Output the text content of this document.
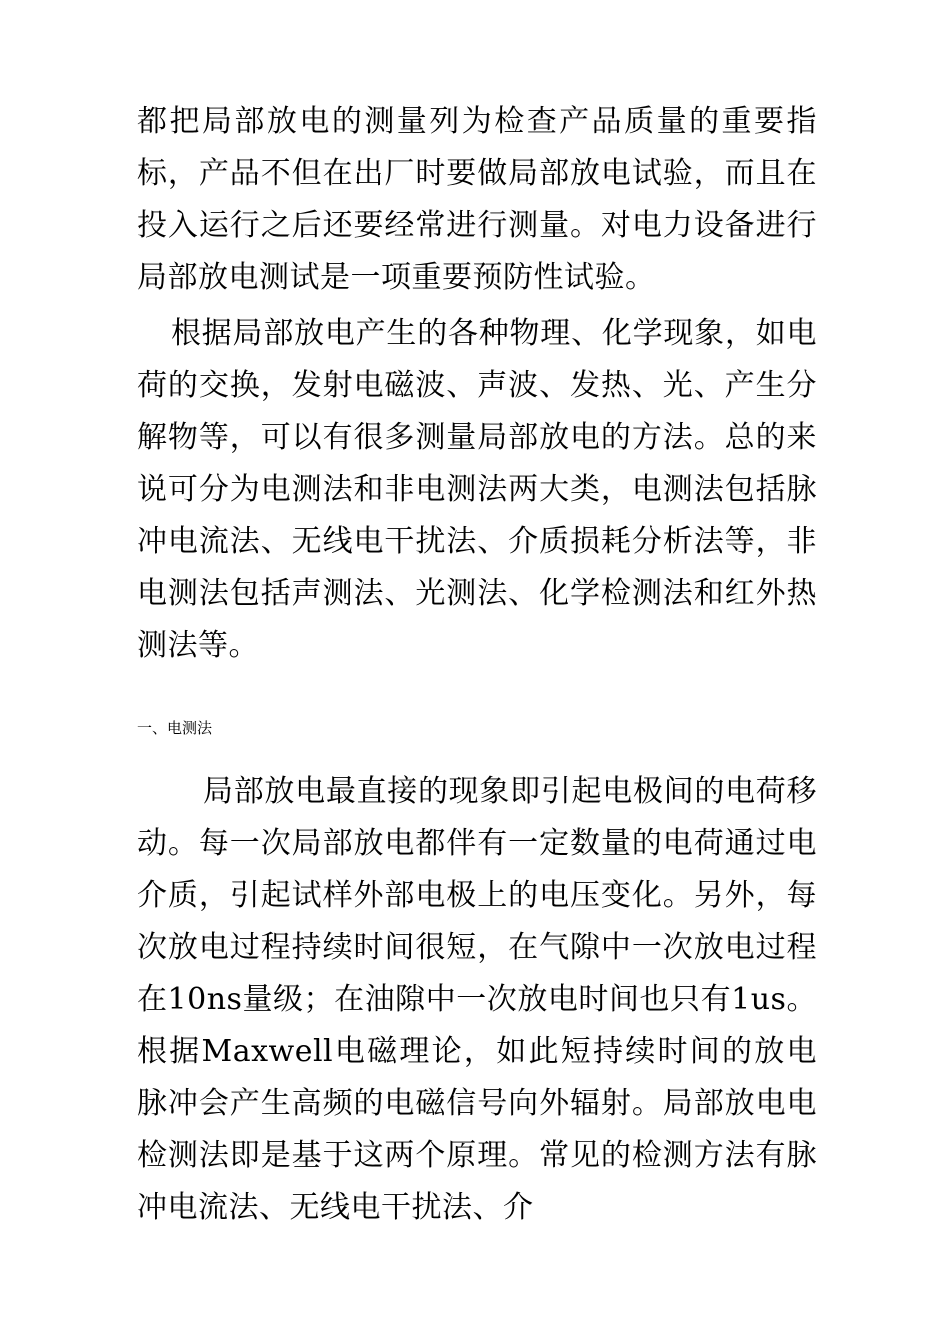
都把局部放电的测量列为检查产品质量的重要指标，产品不但在出厂时要做局部放电试验，而且在投入运行之后还要经常进行测量。对电力设备进行局部放电测试是一项重要预防性试验。

根据局部放电产生的各种物理、化学现象，如电荷的交换，发射电磁波、声波、发热、光、产生分解物等，可以有很多测量局部放电的方法。总的来说可分为电测法和非电测法两大类，电测法包括脉冲电流法、无线电干扰法、介质损耗分析法等，非电测法包括声测法、光测法、化学检测法和红外热测法等。

一、电测法

局部放电最直接的现象即引起电极间的电荷移动。每一次局部放电都伴有一定数量的电荷通过电介质，引起试样外部电极上的电压变化。另外，每次放电过程持续时间很短，在气隙中一次放电过程在10ns量级；在油隙中一次放电时间也只有1us。根据Maxwell电磁理论，如此短持续时间的放电脉冲会产生高频的电磁信号向外辐射。局部放电电检测法即是基于这两个原理。常见的检测方法有脉冲电流法、无线电干扰法、介
